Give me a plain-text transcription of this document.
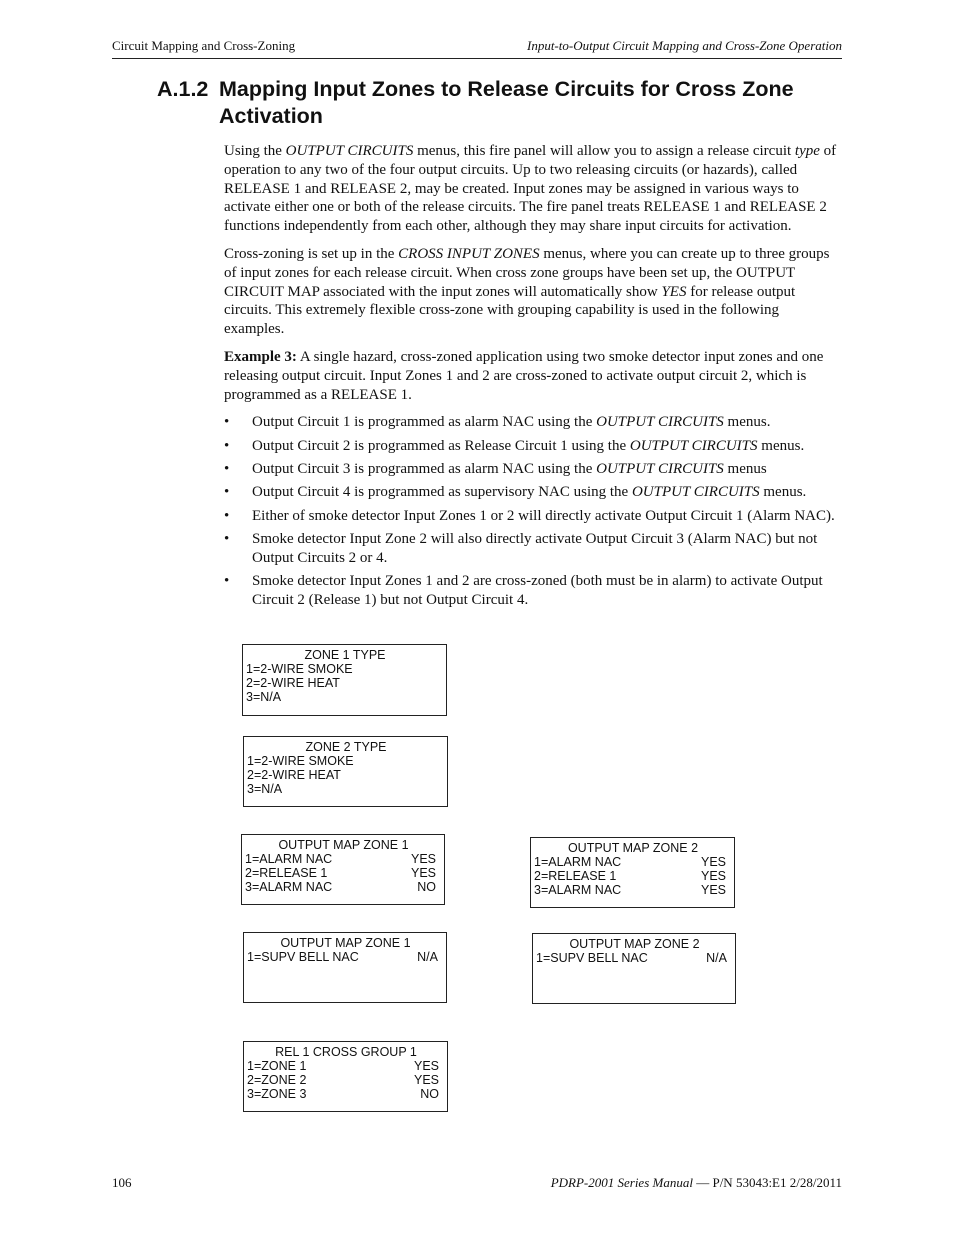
Circuit Mapping and Cross-Zoning	Input-to-Output Circuit Mapping and Cross-Zone Operation
A.1.2 Mapping Input Zones to Release Circuits for Cross Zone Activation

Using the OUTPUT CIRCUITS menus, this fire panel will allow you to assign a release circuit type of operation to any two of the four output circuits. Up to two releasing circuits (or hazards), called RELEASE 1 and RELEASE 2, may be created. Input zones may be assigned in various ways to activate either one or both of the release circuits. The fire panel treats RELEASE 1 and RELEASE 2 functions independently from each other, although they may share input circuits for activation.

Cross-zoning is set up in the CROSS INPUT ZONES menus, where you can create up to three groups of input zones for each release circuit. When cross zone groups have been set up, the OUTPUT CIRCUIT MAP associated with the input zones will automatically show YES for release output circuits. This extremely flexible cross-zone with grouping capability is used in the following examples.

Example 3: A single hazard, cross-zoned application using two smoke detector input zones and one releasing output circuit. Input Zones 1 and 2 are cross-zoned to activate output circuit 2, which is programmed as a RELEASE 1.

• Output Circuit 1 is programmed as alarm NAC using the OUTPUT CIRCUITS menus.
• Output Circuit 2 is programmed as Release Circuit 1 using the OUTPUT CIRCUITS menus.
• Output Circuit 3 is programmed as alarm NAC using the OUTPUT CIRCUITS menus
• Output Circuit 4 is programmed as supervisory NAC using the OUTPUT CIRCUITS menus.
• Either of smoke detector Input Zones 1 or 2 will directly activate Output Circuit 1 (Alarm NAC).
• Smoke detector Input Zone 2 will also directly activate Output Circuit 3 (Alarm NAC) but not Output Circuits 2 or 4.
• Smoke detector Input Zones 1 and 2 are cross-zoned (both must be in alarm) to activate Output Circuit 2 (Release 1) but not Output Circuit 4.
ZONE 1 TYPE
1=2-WIRE SMOKE
2=2-WIRE HEAT
3=N/A
ZONE 2 TYPE
1=2-WIRE SMOKE
2=2-WIRE HEAT
3=N/A
OUTPUT MAP ZONE 1
1=ALARM NAC	YES
2=RELEASE 1	YES
3=ALARM NAC	NO
OUTPUT MAP ZONE 2
1=ALARM NAC	YES
2=RELEASE 1	YES
3=ALARM NAC	YES
OUTPUT MAP ZONE 1
1=SUPV BELL NAC	N/A
OUTPUT MAP ZONE 2
1=SUPV BELL NAC	N/A
REL 1 CROSS GROUP 1
1=ZONE 1	YES
2=ZONE 2	YES
3=ZONE 3	NO
106	PDRP-2001 Series Manual — P/N 53043:E1 2/28/2011
